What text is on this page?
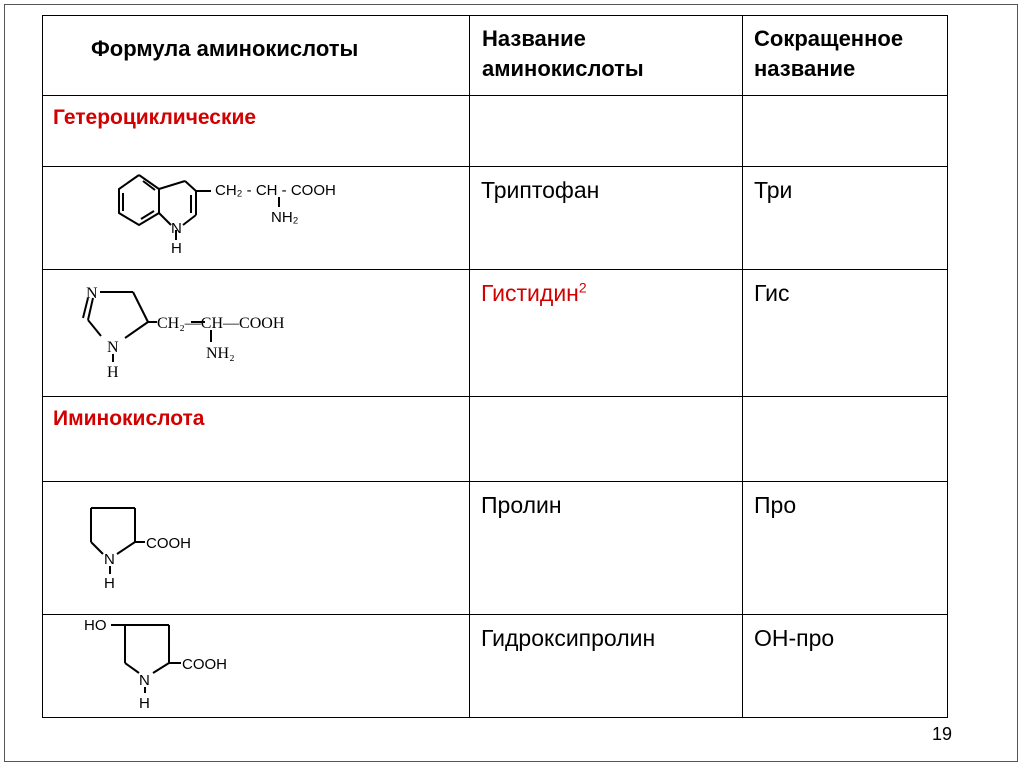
Формула аминокислоты	Название аминокислоты	Сокращенное название

Гетероциклические		

N
H
CH₂ - CH - COOH
NH₂	Триптофан	Три

N
N
H
CH₂—CH—COOH
NH₂	Гистидин$^2$	Гис

Иминокислота		

N
H
COOH	Пролин	Про

HO
N
H
COOH	Гидроксипролин	ОН-про
19
